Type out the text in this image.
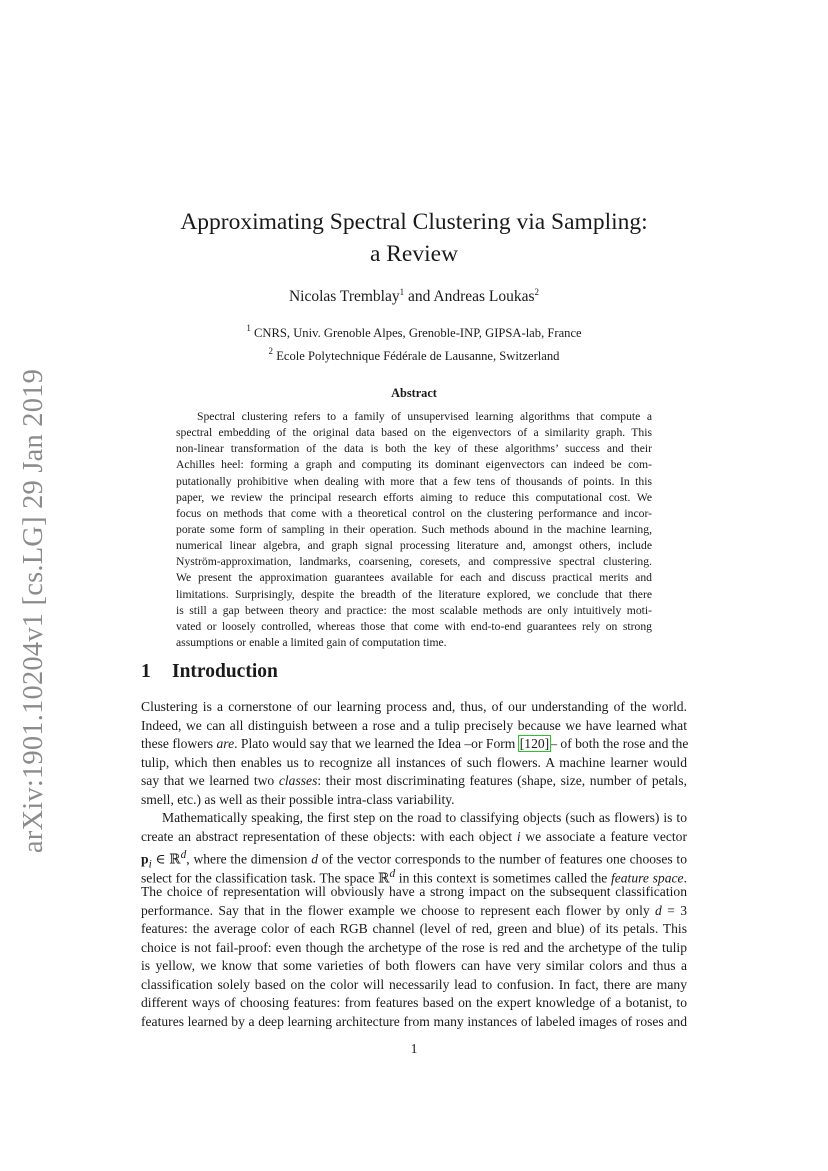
arXiv:1901.10204v1 [cs.LG] 29 Jan 2019
Approximating Spectral Clustering via Sampling:
a Review
Nicolas Tremblay$^1$ and Andreas Loukas$^2$
$^1$ CNRS, Univ. Grenoble Alpes, Grenoble-INP, GIPSA-lab, France
$^2$ Ecole Polytechnique Fédérale de Lausanne, Switzerland
Abstract
Spectral clustering refers to a family of unsupervised learning algorithms that compute a
spectral embedding of the original data based on the eigenvectors of a similarity graph. This
non-linear transformation of the data is both the key of these algorithms’ success and their
Achilles heel: forming a graph and computing its dominant eigenvectors can indeed be com-
putationally prohibitive when dealing with more that a few tens of thousands of points. In this
paper, we review the principal research efforts aiming to reduce this computational cost. We
focus on methods that come with a theoretical control on the clustering performance and incor-
porate some form of sampling in their operation. Such methods abound in the machine learning,
numerical linear algebra, and graph signal processing literature and, amongst others, include
Nyström-approximation, landmarks, coarsening, coresets, and compressive spectral clustering.
We present the approximation guarantees available for each and discuss practical merits and
limitations. Surprisingly, despite the breadth of the literature explored, we conclude that there
is still a gap between theory and practice: the most scalable methods are only intuitively moti-
vated or loosely controlled, whereas those that come with end-to-end guarantees rely on strong
assumptions or enable a limited gain of computation time.
1 Introduction
Clustering is a cornerstone of our learning process and, thus, of our understanding of the world.
Indeed, we can all distinguish between a rose and a tulip precisely because we have learned what
these flowers are. Plato would say that we learned the Idea –or Form [120]– of both the rose and the
tulip, which then enables us to recognize all instances of such flowers. A machine learner would
say that we learned two classes: their most discriminating features (shape, size, number of petals,
smell, etc.) as well as their possible intra-class variability.
Mathematically speaking, the first step on the road to classifying objects (such as flowers) is to
create an abstract representation of these objects: with each object i we associate a feature vector
$p_i$ ∈ ℝ$^d$, where the dimension d of the vector corresponds to the number of features one chooses to
select for the classification task. The space ℝ$^d$ in this context is sometimes called the feature space.
The choice of representation will obviously have a strong impact on the subsequent classification
performance. Say that in the flower example we choose to represent each flower by only d = 3
features: the average color of each RGB channel (level of red, green and blue) of its petals. This
choice is not fail-proof: even though the archetype of the rose is red and the archetype of the tulip
is yellow, we know that some varieties of both flowers can have very similar colors and thus a
classification solely based on the color will necessarily lead to confusion. In fact, there are many
different ways of choosing features: from features based on the expert knowledge of a botanist, to
features learned by a deep learning architecture from many instances of labeled images of roses and
1
